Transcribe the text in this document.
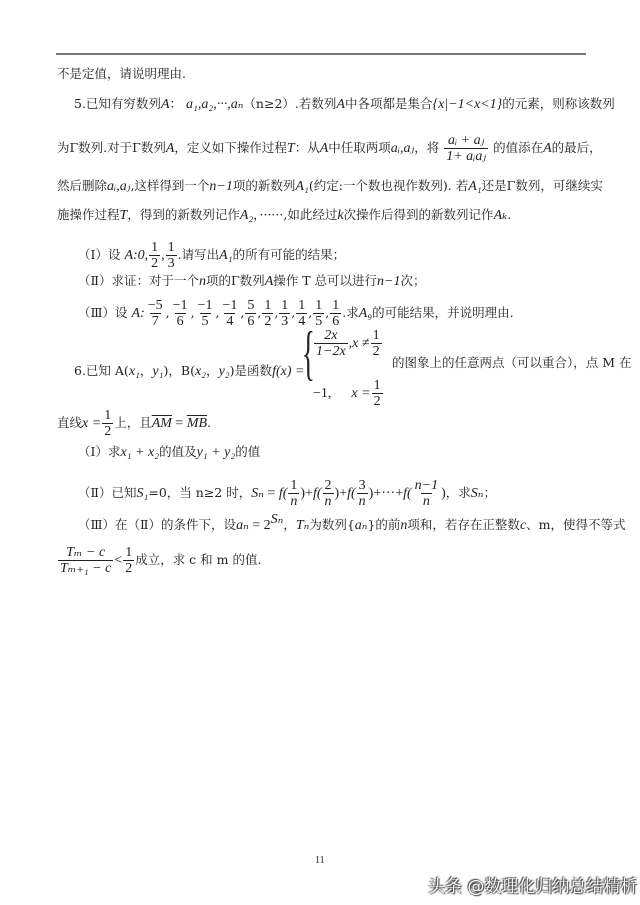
不是定值，请说明理由.
5.已知有穷数列A： a₁,a₂,···,aₙ（n≥2）.若数列A中各项都是集合{x|−1<x<1}的元素，则称该数列
为Γ数列.对于Γ数列A，定义如下操作过程T：从A中任取两项aᵢ,aⱼ，将 $\frac{\text{aᵢ + aⱼ}}{\text{1+ aᵢaⱼ}}$ 的值添在A的最后，
然后删除aᵢ,aⱼ,这样得到一个n−1项的新数列A₁(约定:一个数也视作数列). 若A₁还是Γ数列，可继续实
施操作过程T，得到的新数列记作A₂，······,如此经过k次操作后得到的新数列记作Aₖ.
（Ⅰ）设 A:0, $\frac{1}{2}$ , $\frac{1}{3}$ .请写出A₁的所有可能的结果；
（Ⅱ）求证：对于一个n项的Γ数列A操作 T 总可以进行n−1次；
（Ⅲ）设 A: $\frac{-5}{7}$ , $\frac{-1}{6}$ , $\frac{-1}{5}$ , $\frac{-1}{4}$ , $\frac{5}{6}$ , $\frac{1}{2}$ , $\frac{1}{3}$ , $\frac{1}{4}$ , $\frac{1}{5}$ , $\frac{1}{6}$ .求A₉的可能结果，并说明理由.
6.已知 A(x₁，y₁)，B(x₂，y₂)是函数f(x) =
{ $\frac{2x}{1-2x} ,x \ne \frac{1}{2}$
−1, $x = \frac{1}{2}$
的图象上的任意两点（可以重合），点 M 在
直线$x = \frac{1}{2}$ 上，且$\overline{AM} = \overline{MB}$.
（Ⅰ）求x₁ + x₂的值及y₁ + y₂的值
（Ⅱ）已知S₁=0，当 n≥2 时，$S_n = f( \frac{1}{n} )+f( \frac{2}{n} )+f( \frac{3}{n} )+\cdot\cdot\cdot+f( \frac{n-1}{n}$ )，求Sₙ；
（Ⅲ）在（Ⅱ）的条件下，设$a_n = 2^{S_n}$，Tₙ为数列{aₙ}的前n项和，若存在正整数c、m，使得不等式
$\frac{\text{Tₘ − c}}{\text{Tₘ₊₁ − c}} < \frac{1}{2}$ 成立，求 c 和 m 的值.
11
头条 @数理化归纳总结精析
